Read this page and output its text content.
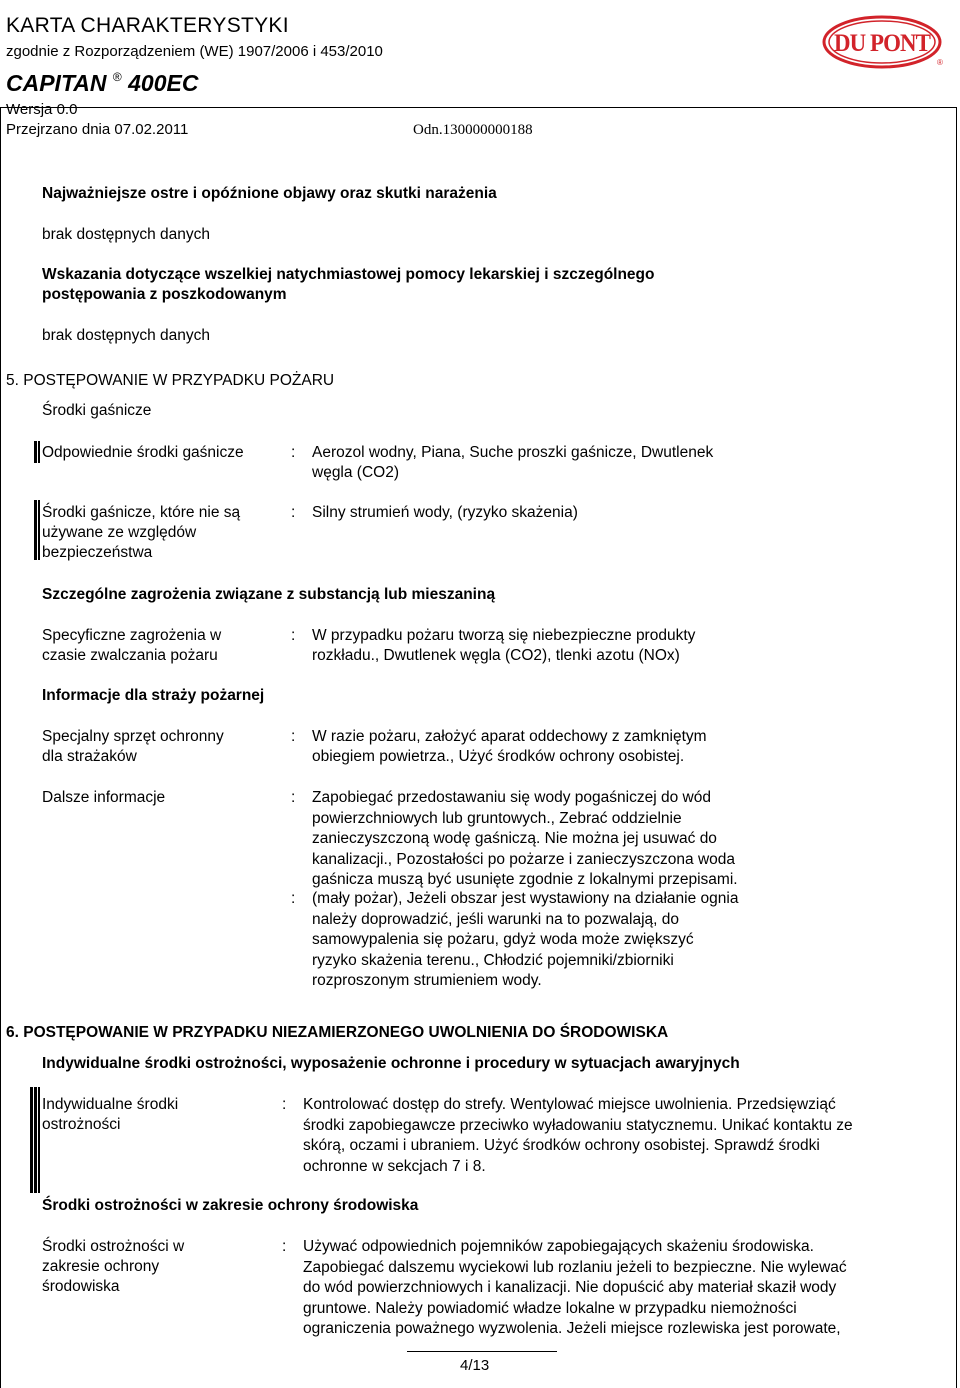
KARTA CHARAKTERYSTYKI
zgodnie z Rozporządzeniem (WE) 1907/2006 i 453/2010
CAPITAN ® 400EC
Wersja 0.0
Przejrzano dnia 07.02.2011	Odn.130000000188
DU PONT
®
Najważniejsze ostre i opóźnione objawy oraz skutki narażenia
brak dostępnych danych
Wskazania dotyczące wszelkiej natychmiastowej pomocy lekarskiej i szczególnego
postępowania z poszkodowanym
brak dostępnych danych
5. POSTĘPOWANIE W PRZYPADKU POŻARU
Środki gaśnicze
Odpowiednie środki gaśnicze	:	Aerozol wodny, Piana, Suche proszki gaśnicze, Dwutlenek
węgla (CO2)
Środki gaśnicze, które nie są
używane ze względów
bezpieczeństwa
:	Silny strumień wody, (ryzyko skażenia)
Szczególne zagrożenia związane z substancją lub mieszaniną
Specyficzne zagrożenia w
czasie zwalczania pożaru
:	W przypadku pożaru tworzą się niebezpieczne produkty
rozkładu., Dwutlenek węgla (CO2), tlenki azotu (NOx)
Informacje dla straży pożarnej
Specjalny sprzęt ochronny
dla strażaków
:	W razie pożaru, założyć aparat oddechowy z zamkniętym
obiegiem powietrza., Użyć środków ochrony osobistej.
Dalsze informacje	:	Zapobiegać przedostawaniu się wody pogaśniczej do wód
powierzchniowych lub gruntowych., Zebrać oddzielnie
zanieczyszczoną wodę gaśniczą. Nie można jej usuwać do
kanalizacji., Pozostałości po pożarze i zanieczyszczona woda
gaśnicza muszą być usunięte zgodnie z lokalnymi przepisami.
:	(mały pożar), Jeżeli obszar jest wystawiony na działanie ognia
należy doprowadzić, jeśli warunki na to pozwalają, do
samowypalenia się pożaru, gdyż woda może zwiększyć
ryzyko skażenia terenu., Chłodzić pojemniki/zbiorniki
rozproszonym strumieniem wody.
6. POSTĘPOWANIE W PRZYPADKU NIEZAMIERZONEGO UWOLNIENIA DO ŚRODOWISKA
Indywidualne środki ostrożności, wyposażenie ochronne i procedury w sytuacjach awaryjnych
Indywidualne środki
ostrożności
:	Kontrolować dostęp do strefy. Wentylować miejsce uwolnienia. Przedsięwziąć
środki zapobiegawcze przeciwko wyładowaniu statycznemu. Unikać kontaktu ze
skórą, oczami i ubraniem. Użyć środków ochrony osobistej. Sprawdź środki
ochronne w sekcjach 7 i 8.
Środki ostrożności w zakresie ochrony środowiska
Środki ostrożności w
zakresie ochrony
środowiska
:	Używać odpowiednich pojemników zapobiegających skażeniu środowiska.
Zapobiegać dalszemu wyciekowi lub rozlaniu jeżeli to bezpieczne. Nie wylewać
do wód powierzchniowych i kanalizacji. Nie dopuścić aby materiał skaził wody
gruntowe. Należy powiadomić władze lokalne w przypadku niemożności
ograniczenia poważnego wyzwolenia. Jeżeli miejsce rozlewiska jest porowate,
4/13
